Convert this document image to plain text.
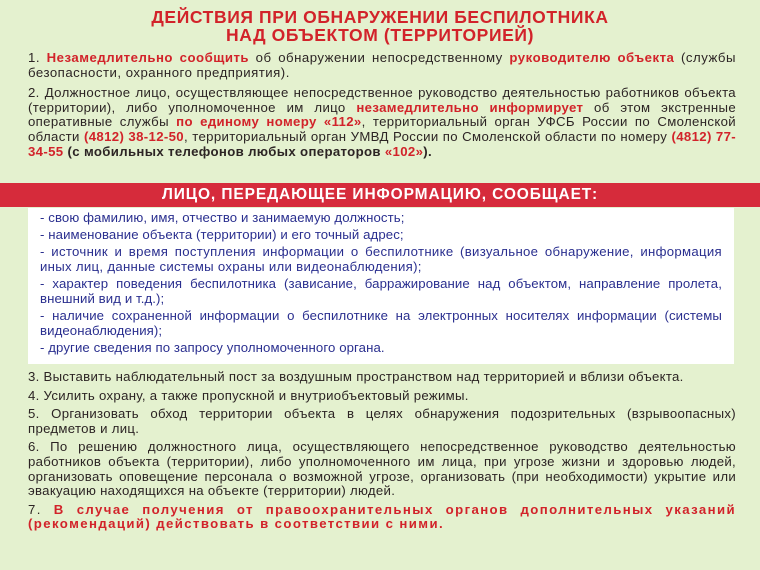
ДЕЙСТВИЯ ПРИ ОБНАРУЖЕНИИ БЕСПИЛОТНИКА
НАД ОБЪЕКТОМ (ТЕРРИТОРИЕЙ)

1. Незамедлительно сообщить об обнаружении непосредственному руководителю объекта (службы безопасности, охранного предприятия).

2. Должностное лицо, осуществляющее непосредственное руководство деятельностью работников объекта (территории), либо уполномоченное им лицо незамедлительно информирует об этом экстренные оперативные службы по единому номеру «112», территориальный орган УФСБ России по Смоленской области (4812) 38-12-50, территориальный орган УМВД России по Смоленской области по номеру (4812) 77-34-55 (с мобильных телефонов любых операторов «102»).

ЛИЦО, ПЕРЕДАЮЩЕЕ ИНФОРМАЦИЮ, СООБЩАЕТ:
- свою фамилию, имя, отчество и занимаемую должность;
- наименование объекта (территории) и его точный адрес;
- источник и время поступления информации о беспилотнике (визуальное обнаружение, информация иных лиц, данные системы охраны или видеонаблюдения);
- характер поведения беспилотника (зависание, барражирование над объектом, направление пролета, внешний вид и т.д.);
- наличие сохраненной информации о беспилотнике на электронных носителях информации (системы видеонаблюдения);
- другие сведения по запросу уполномоченного органа.

3. Выставить наблюдательный пост за воздушным пространством над территорией и вблизи объекта.

4. Усилить охрану, а также пропускной и внутриобъектовый режимы.

5. Организовать обход территории объекта в целях обнаружения подозрительных (взрывоопасных) предметов и лиц.

6. По решению должностного лица, осуществляющего непосредственное руководство деятельностью работников объекта (территории), либо уполномоченного им лица, при угрозе жизни и здоровью людей, организовать оповещение персонала о возможной угрозе, организовать (при необходимости) укрытие или эвакуацию находящихся на объекте (территории) людей.

7. В случае получения от правоохранительных органов дополнительных указаний (рекомендаций) действовать в соответствии с ними.
